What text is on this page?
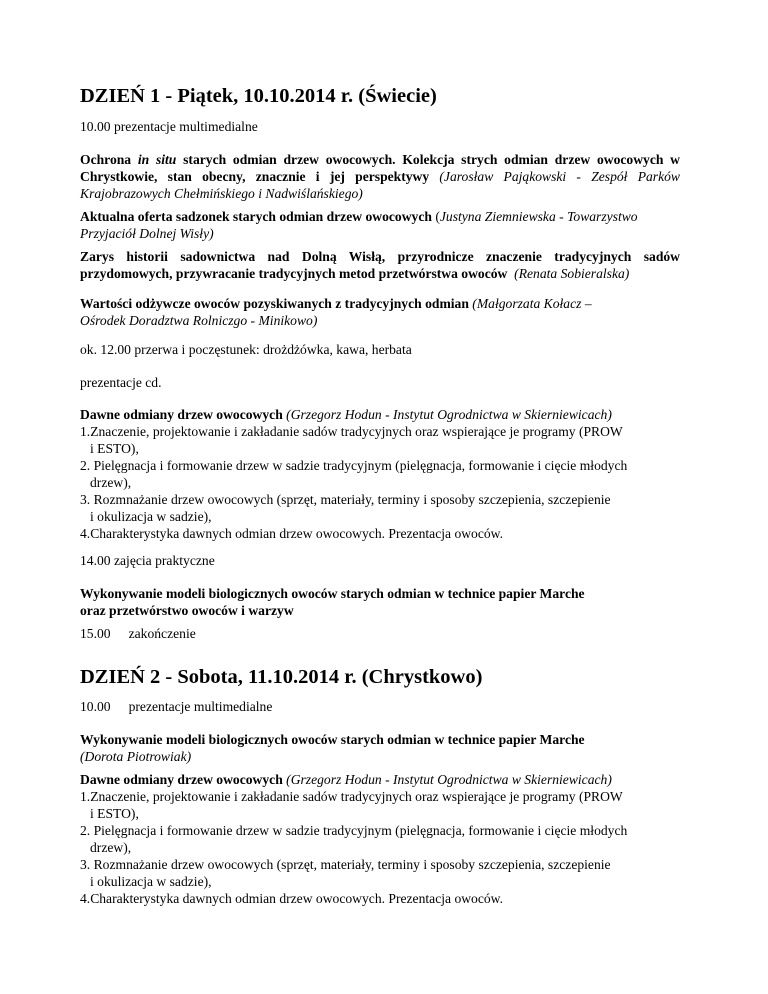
DZIEŃ 1 - Piątek, 10.10.2014 r. (Świecie)

10.00 prezentacje multimedialne

Ochrona in situ starych odmian drzew owocowych. Kolekcja strych odmian drzew owocowych w Chrystkowie, stan obecny, znacznie i jej perspektywy (Jarosław Pająkowski - Zespół Parków Krajobrazowych Chełmińskiego i Nadwiślańskiego)

Aktualna oferta sadzonek starych odmian drzew owocowych (Justyna Ziemniewska - Towarzystwo Przyjaciół Dolnej Wisły)

Zarys historii sadownictwa nad Dolną Wisłą, przyrodnicze znaczenie tradycyjnych sadów przydomowych, przywracanie tradycyjnych metod przetwórstwa owoców  (Renata Sobieralska)

Wartości odżywcze owoców pozyskiwanych z tradycyjnych odmian (Małgorzata Kołacz –
Ośrodek Doradztwa Rolniczgo - Minikowo)

ok. 12.00 przerwa i poczęstunek: drożdżówka, kawa, herbata

prezentacje cd.

Dawne odmiany drzew owocowych (Grzegorz Hodun - Instytut Ogrodnictwa w Skierniewicach)
1.Znaczenie, projektowanie i zakładanie sadów tradycyjnych oraz wspierające je programy (PROW
i ESTO),
2. Pielęgnacja i formowanie drzew w sadzie tradycyjnym (pielęgnacja, formowanie i cięcie młodych
drzew),
3. Rozmnażanie drzew owocowych (sprzęt, materiały, terminy i sposoby szczepienia, szczepienie
i okulizacja w sadzie),
4.Charakterystyka dawnych odmian drzew owocowych. Prezentacja owoców.

14.00 zajęcia praktyczne

Wykonywanie modeli biologicznych owoców starych odmian w technice papier Marche
oraz przetwórstwo owoców i warzyw

15.00 zakończenie

DZIEŃ 2 - Sobota, 11.10.2014 r. (Chrystkowo)

10.00 prezentacje multimedialne

Wykonywanie modeli biologicznych owoców starych odmian w technice papier Marche
(Dorota Piotrowiak)
Dawne odmiany drzew owocowych (Grzegorz Hodun - Instytut Ogrodnictwa w Skierniewicach)
1.Znaczenie, projektowanie i zakładanie sadów tradycyjnych oraz wspierające je programy (PROW
i ESTO),
2. Pielęgnacja i formowanie drzew w sadzie tradycyjnym (pielęgnacja, formowanie i cięcie młodych
drzew),
3. Rozmnażanie drzew owocowych (sprzęt, materiały, terminy i sposoby szczepienia, szczepienie
i okulizacja w sadzie),
4.Charakterystyka dawnych odmian drzew owocowych. Prezentacja owoców.
